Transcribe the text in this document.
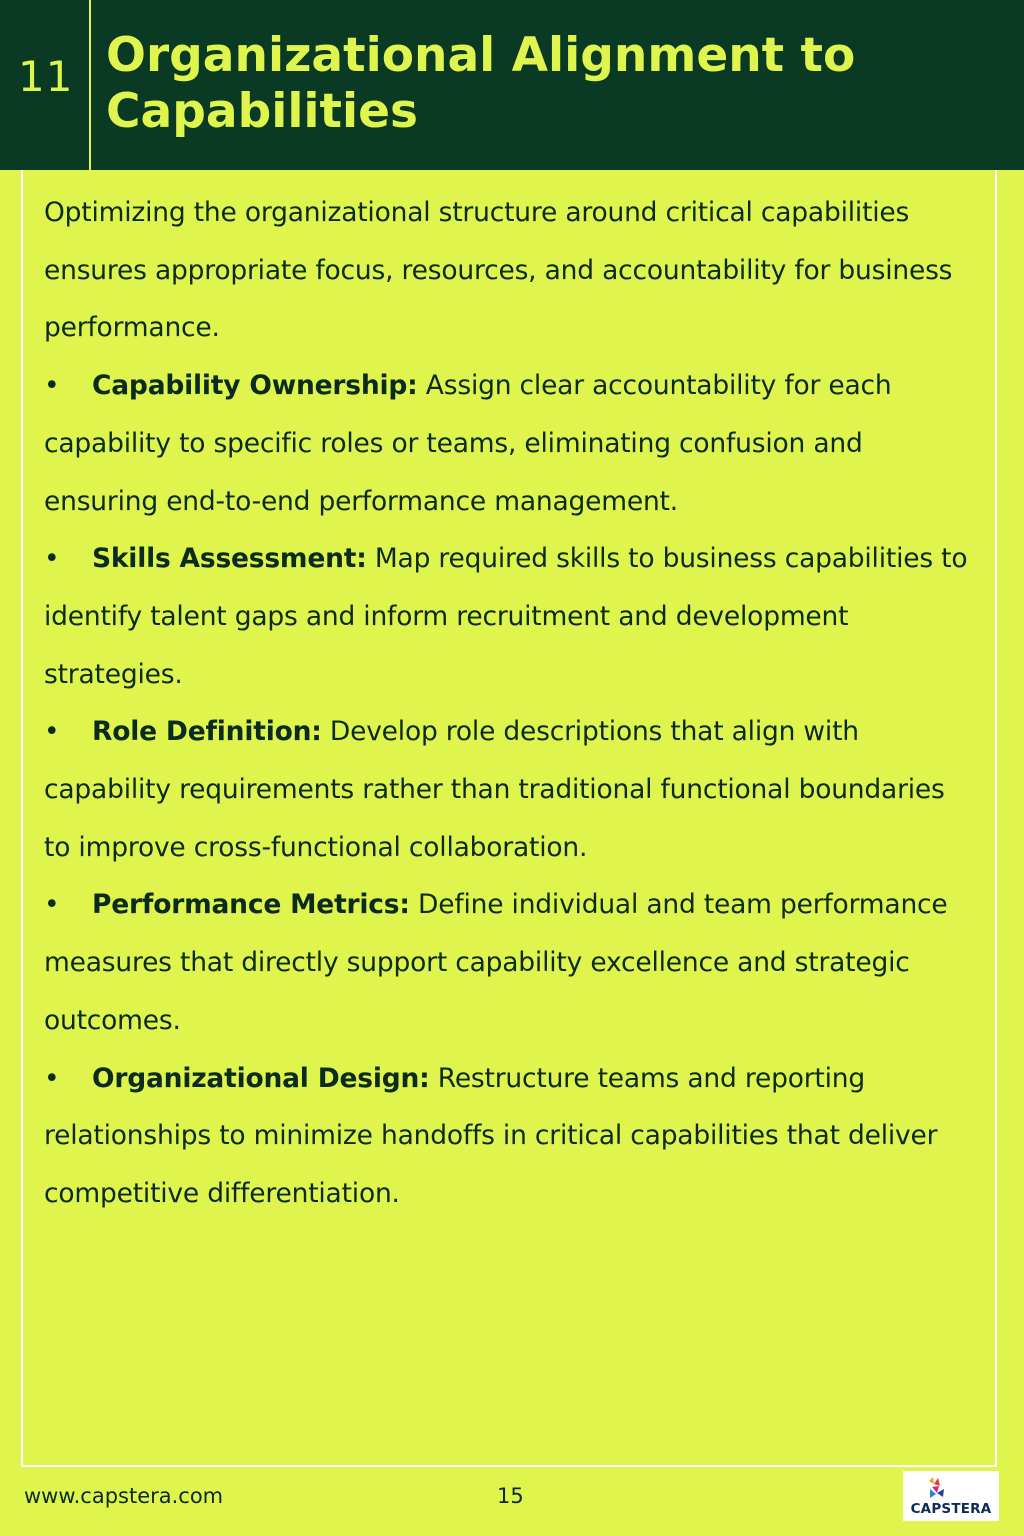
11 Organizational Alignment to
Capabilities

Optimizing the organizational structure around critical capabilities ensures appropriate focus, resources, and accountability for business performance.

• Capability Ownership: Assign clear accountability for each capability to specific roles or teams, eliminating confusion and ensuring end-to-end performance management.

• Skills Assessment: Map required skills to business capabilities to identify talent gaps and inform recruitment and development strategies.

• Role Definition: Develop role descriptions that align with capability requirements rather than traditional functional boundaries to improve cross-functional collaboration.

• Performance Metrics: Define individual and team performance measures that directly support capability excellence and strategic outcomes.

• Organizational Design: Restructure teams and reporting relationships to minimize handoffs in critical capabilities that deliver competitive differentiation.

www.capstera.com	15
CAPSTERA
